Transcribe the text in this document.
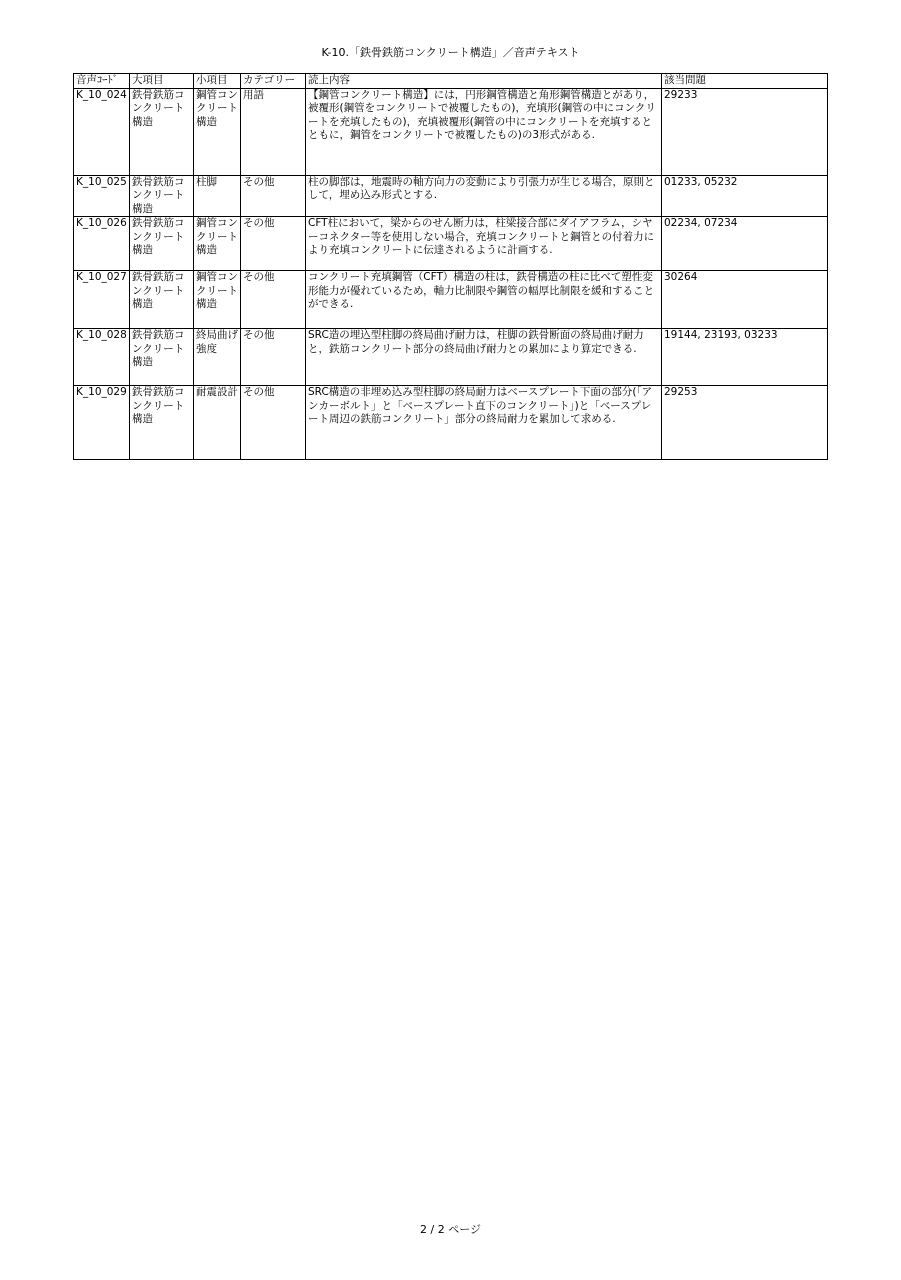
K-10.「鉄骨鉄筋コンクリート構造」／音声テキスト
音声ｺｰﾄﾞ	大項目	小項目	カテゴリー	読上内容	該当問題
K_10_024	鉄骨鉄筋コンクリート構造	鋼管コンクリート構造	用語	【鋼管コンクリート構造】には，円形鋼管構造と角形鋼管構造とがあり，被覆形(鋼管をコンクリートで被覆したもの)，充填形(鋼管の中にコンクリートを充填したもの)，充填被覆形(鋼管の中にコンクリートを充填するとともに，鋼管をコンクリートで被覆したもの)の3形式がある.	29233
K_10_025	鉄骨鉄筋コンクリート構造	柱脚	その他	柱の脚部は，地震時の軸方向力の変動により引張力が生じる場合，原則として，埋め込み形式とする.	01233, 05232
K_10_026	鉄骨鉄筋コンクリート構造	鋼管コンクリート構造	その他	CFT柱において，梁からのせん断力は，柱梁接合部にダイアフラム，シヤーコネクター等を使用しない場合，充填コンクリートと鋼管との付着力により充填コンクリートに伝達されるように計画する.	02234, 07234
K_10_027	鉄骨鉄筋コンクリート構造	鋼管コンクリート構造	その他	コンクリート充填鋼管（CFT）構造の柱は，鉄骨構造の柱に比べて塑性変形能力が優れているため，軸力比制限や鋼管の幅厚比制限を緩和することができる.	30264
K_10_028	鉄骨鉄筋コンクリート構造	終局曲げ強度	その他	SRC造の埋込型柱脚の終局曲げ耐力は，柱脚の鉄骨断面の終局曲げ耐力と，鉄筋コンクリート部分の終局曲げ耐力との累加により算定できる.	19144, 23193, 03233
K_10_029	鉄骨鉄筋コンクリート構造	耐震設計	その他	SRC構造の非埋め込み型柱脚の終局耐力はベースプレート下面の部分(「アンカーボルト」と「ベースプレート直下のコンクリート」)と「ベースプレート周辺の鉄筋コンクリート」部分の終局耐力を累加して求める.	29253
2 / 2 ページ
